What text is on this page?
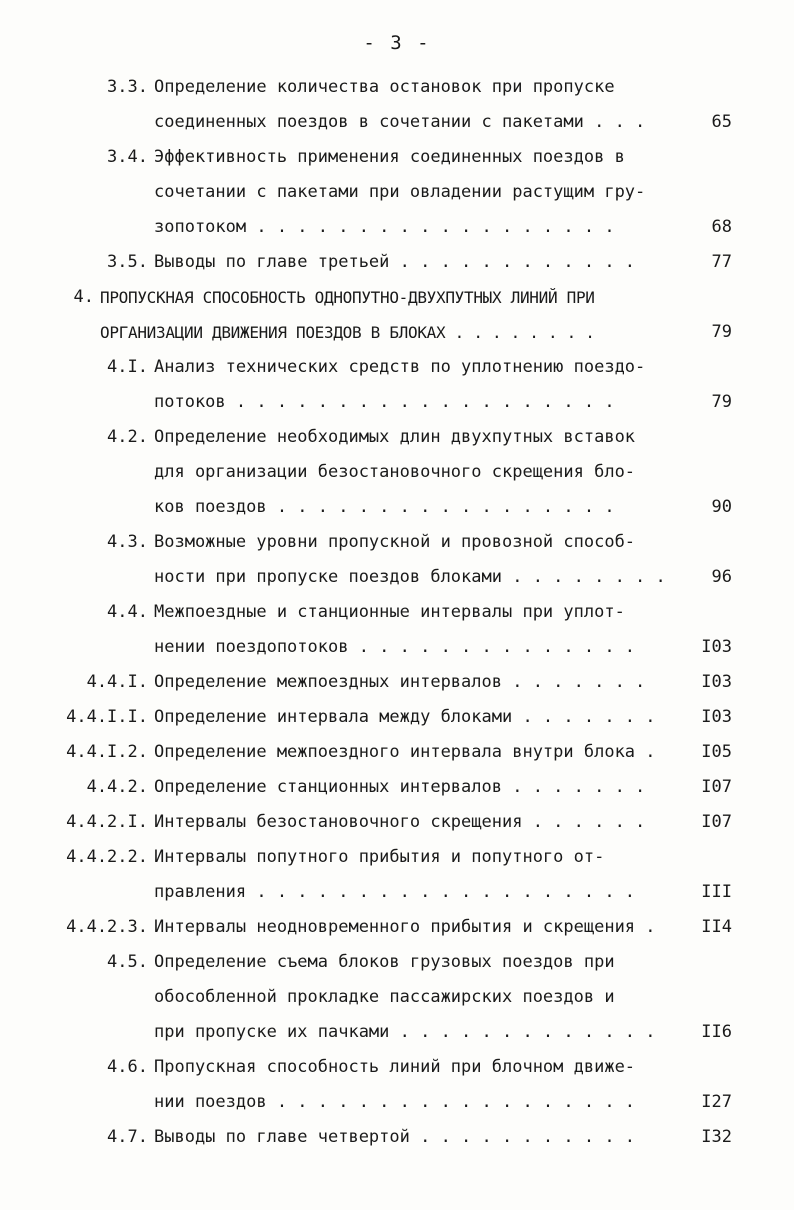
- 3 -
3.3. Определение количества остановок при пропуске
соединенных поездов в сочетании с пакетами . . .	65
3.4. Эффективность применения соединенных поездов в
сочетании с пакетами при овладении растущим гру-
зопотоком . . . . . . . . . . . . . . . . . .	68
3.5. Выводы по главе третьей . . . . . . . . . . . .	77
4. ПРОПУСКНАЯ СПОСОБНОСТЬ ОДНОПУТНО-ДВУХПУТНЫХ ЛИНИЙ ПРИ
ОРГАНИЗАЦИИ ДВИЖЕНИЯ ПОЕЗДОВ В БЛОКАХ . . . . . . . .	79
4.I. Анализ технических средств по уплотнению поездо-
потоков . . . . . . . . . . . . . . . . . . .	79
4.2. Определение необходимых длин двухпутных вставок
для организации безостановочного скрещения бло-
ков поездов . . . . . . . . . . . . . . . . .	90
4.3. Возможные уровни пропускной и провозной способ-
ности при пропуске поездов блоками . . . . . . . .	96
4.4. Межпоездные и станционные интервалы при уплот-
нении поездопотоков . . . . . . . . . . . . . .	I03
4.4.I. Определение межпоездных интервалов . . . . . . .	I03
4.4.I.I. Определение интервала между блоками . . . . . . .	I03
4.4.I.2. Определение межпоездного интервала внутри блока .	I05
4.4.2. Определение станционных интервалов . . . . . . .	I07
4.4.2.I. Интервалы безостановочного скрещения . . . . . .	I07
4.4.2.2. Интервалы попутного прибытия и попутного от-
правления . . . . . . . . . . . . . . . . . . .	III
4.4.2.3. Интервалы неодновременного прибытия и скрещения .	II4
4.5. Определение съема блоков грузовых поездов при
обособленной прокладке пассажирских поездов и
при пропуске их пачками . . . . . . . . . . . . .	II6
4.6. Пропускная способность линий при блочном движе-
нии поездов . . . . . . . . . . . . . . . . . .	I27
4.7. Выводы по главе четвертой . . . . . . . . . . .	I32
